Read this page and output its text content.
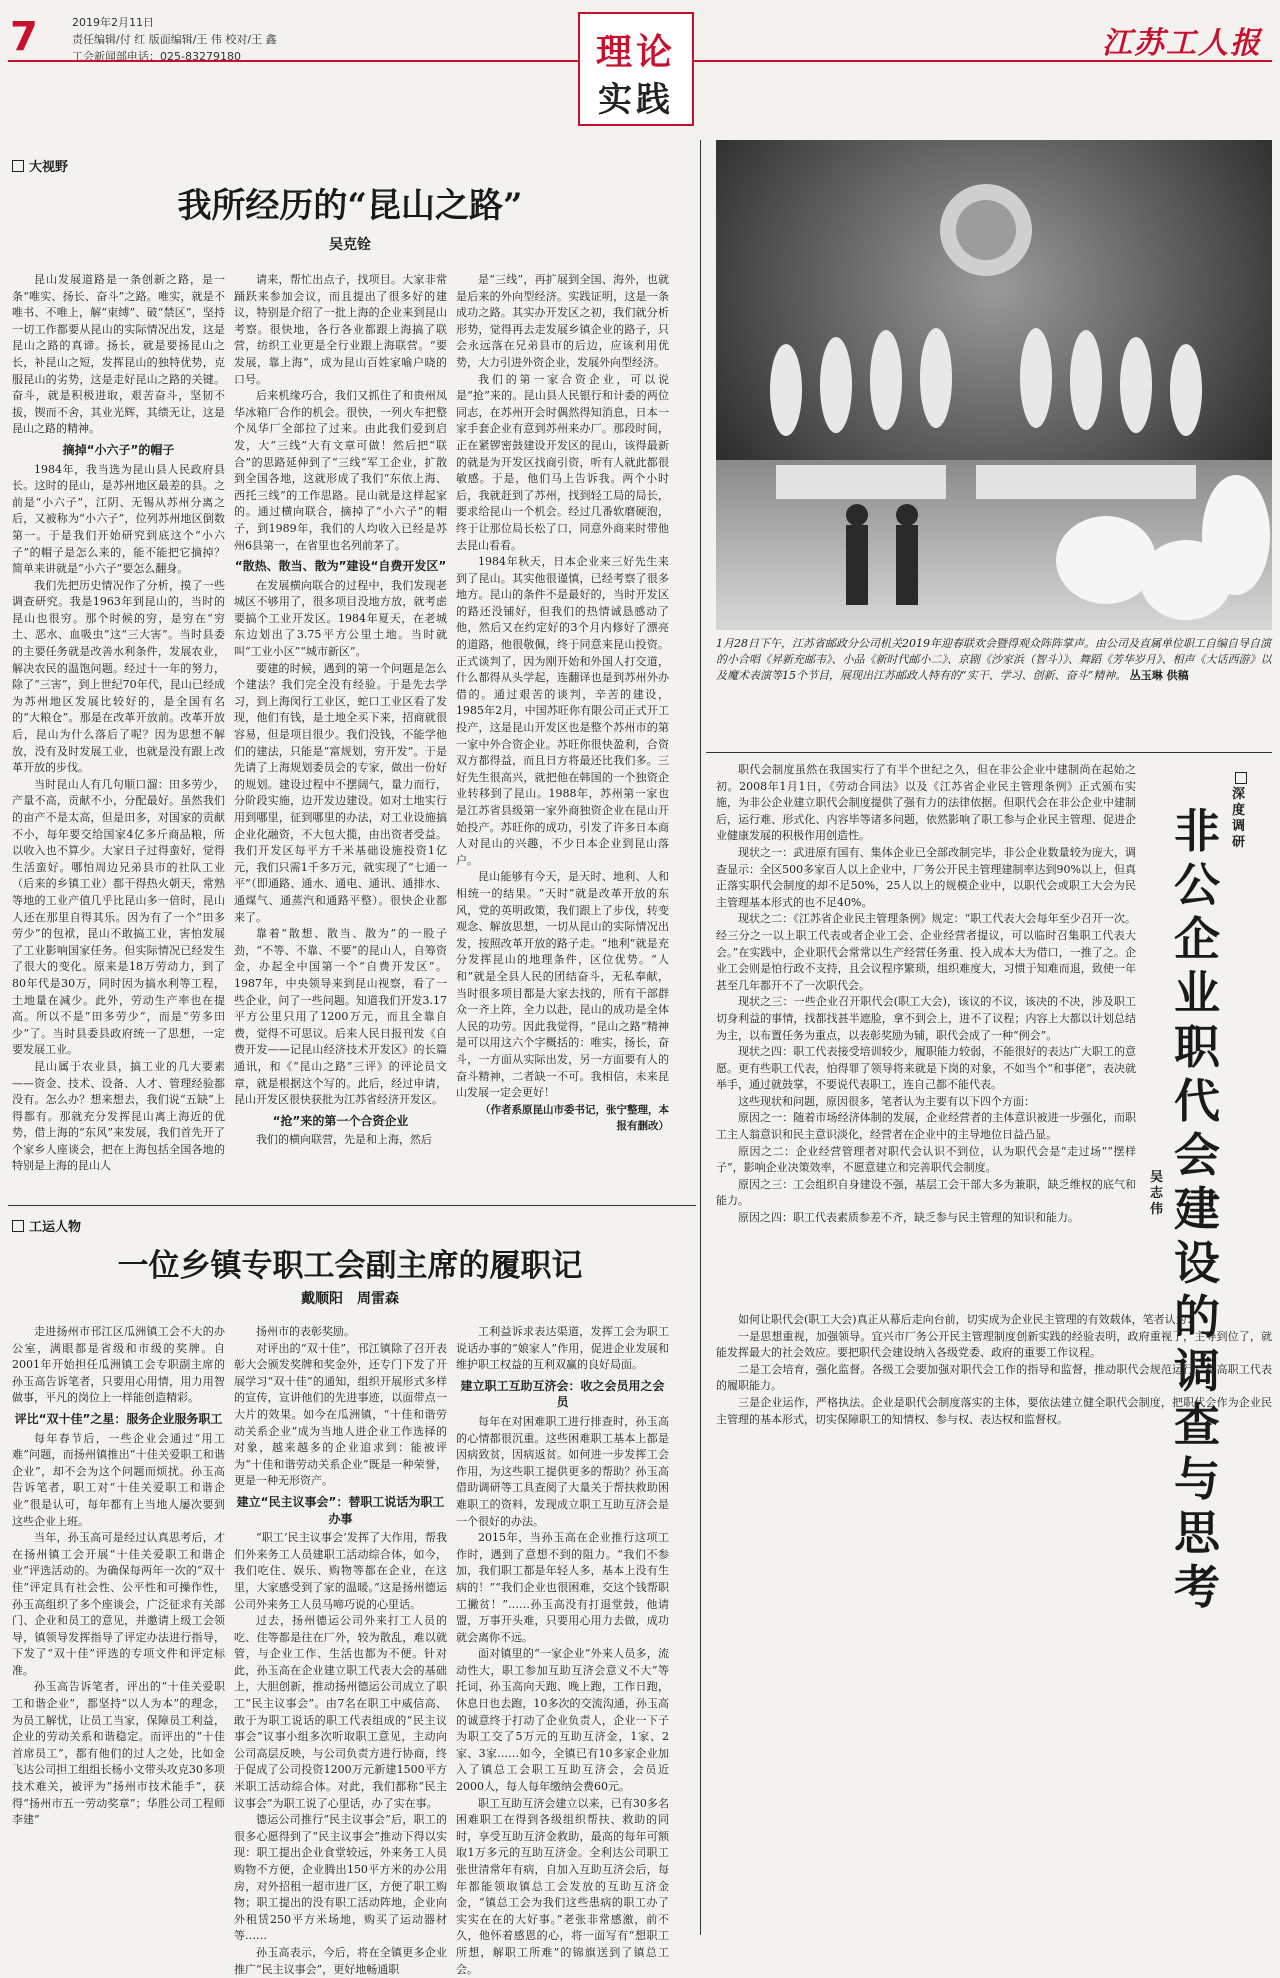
7	2019年2月11日
责任编辑/付 红 版面编辑/王 伟 校对/王 鑫
工会新闻部电话：025-83279180	理论
实践
江苏工人报
大视野
我所经历的“昆山之路”
吴克铨

昆山发展道路是一条创新之路，是一条“唯实、扬长、奋斗”之路。唯实，就是不唯书、不唯上，解“束缚”、破“禁区”，坚持一切工作都要从昆山的实际情况出发，这是昆山之路的真谛。扬长，就是要扬昆山之长，补昆山之短，发挥昆山的独特优势，克服昆山的劣势，这是走好昆山之路的关键。奋斗，就是积极进取，艰苦奋斗，坚韧不拔，锲而不舍，其业光辉，其绩无让，这是昆山之路的精神。

摘掉“小六子”的帽子

1984年，我当选为昆山县人民政府县长。这时的昆山，是苏州地区最差的县。之前是“小六子”，江阴、无锡从苏州分离之后，又被称为“小六子”，位列苏州地区倒数第一。于是我们开始研究到底这个“小六子”的帽子是怎么来的，能不能把它摘掉？简单来讲就是“小六子”要怎么翻身。

我们先把历史情况作了分析，摸了一些调查研究。我是1963年到昆山的，当时的昆山也很穷。那个时候的穷，是穷在“穷土、恶水、血吸虫”这“三大害”。当时县委的主要任务就是改善水利条件，发展农业，解决农民的温饱问题。经过十一年的努力，除了“三害”，到上世纪70年代，昆山已经成为苏州地区发展比较好的，是全国有名的“大粮仓”。那是在改革开放前。改革开放后，昆山为什么落后了呢？因为思想不解放，没有及时发展工业，也就是没有跟上改革开放的步伐。

当时昆山人有几句顺口溜：田多劳少，产量不高，贡献不小，分配最好。虽然我们的亩产不是太高，但是田多，对国家的贡献不小，每年要交给国家4亿多斤商品粮，所以收入也不算少。大家日子过得蛮好，觉得生活蛮好。哪怕周边兄弟县市的社队工业（后来的乡镇工业）都干得热火朝天，常熟等地的工业产值几乎比昆山多一倍时，昆山人还在那里自得其乐。因为有了一个“田多劳少”的包袱，昆山不敢搞工业，害怕发展了工业影响国家任务。但实际情况已经发生了很大的变化。原来是18万劳动力，到了80年代是30万，同时因为搞水利等工程，土地量在减少。此外，劳动生产率也在提高。所以不是“田多劳少”，而是“劳多田少”了。当时县委县政府统一了思想，一定要发展工业。

昆山属于农业县，搞工业的几大要素——资金、技术、设备、人才、管理经验都没有。怎么办？想来想去，我们说“五缺”上得都有。那就充分发挥昆山离上海近的优势，借上海的“东风”来发展，我们首先开了个家乡人座谈会，把在上海包括全国各地的特别是上海的昆山人

请来，帮忙出点子，找项目。大家非常踊跃来参加会议，而且提出了很多好的建议，特别是介绍了一批上海的企业来到昆山考察。很快地，各行各业都跟上海搞了联营，纺织工业更是全行业跟上海联营。“要发展，靠上海”，成为昆山百姓家喻户晓的口号。

后来机缘巧合，我们又抓住了和贵州凤华冰箱厂合作的机会。很快，一列火车把整个凤华厂全部拉了过来。由此我们爱到启发，大“三线”大有文章可做！然后把“联合”的思路延伸到了“三线”军工企业，扩散到全国各地，这就形成了我们“东依上海、西托三线”的工作思路。昆山就是这样起家的。通过横向联合，摘掉了“小六子”的帽子，到1989年，我们的人均收入已经是苏州6县第一，在省里也名列前茅了。

“散热、散当、散为”建设“自费开发区”

在发展横向联合的过程中，我们发现老城区不够用了，很多项目没地方放，就考虑要搞个工业开发区。1984年夏天，在老城东边划出了3.75平方公里土地。当时就叫“工业小区”“城市新区”。

要建的时候，遇到的第一个问题是怎么个建法？我们完全没有经验。于是先去学习，到上海闵行工业区，蛇口工业区看了发现，他们有钱，是土地全买下来，招商就很容易，但是项目很少。我们没钱，不能学他们的建法，只能是“富规划，穷开发”。于是先请了上海规划委员会的专家，做出一份好的规划。建设过程中不摆阔气，量力而行，分阶段实施，边开发边建设。如对土地实行用到哪里，征到哪里的办法，对工业设施搞企业化融资，不大包大揽，由出资者受益。我们开发区每平方千米基础设施投资1亿元，我们只需1千多万元，就实现了“七通一平”（即通路、通水、通电、通讯、通排水、通煤气、通蒸汽和通路平整）。很快企业都来了。

靠着“散想、散当、散为”的一股子劲，“不等、不靠、不要”的昆山人，自筹资金，办起全中国第一个“自费开发区”。1987年，中央领导来到昆山视察，看了一些企业，问了一些问题。知道我们开发3.17平方公里只用了1200万元，而且全靠自费，觉得不可思议。后来人民日报刊发《自费开发——记昆山经济技术开发区》的长篇通讯，和《“昆山之路”三评》的评论员文章，就是根据这个写的。此后，经过申请，昆山开发区很快获批为江苏省经济开发区。

“抢”来的第一个合资企业

我们的横向联营，先是和上海，然后

是“三线”，再扩展到全国、海外，也就是后来的外向型经济。实践证明，这是一条成功之路。其实办开发区之初，我们就分析形势，觉得再去走发展乡镇企业的路子，只会永远落在兄弟县市的后边，应该利用优势，大力引进外资企业，发展外向型经济。

我们的第一家合资企业，可以说是“抢”来的。昆山县人民银行和计委的两位同志，在苏州开会时偶然得知消息，日本一家手套企业有意到苏州来办厂。那段时间，正在紧锣密鼓建设开发区的昆山，该得最新的就是为开发区找商引资，听有人就此都很敏感。于是，他们马上告诉我。两个小时后，我就赶到了苏州，找到轻工局的局长，要求给昆山一个机会。经过几番软磨硬泡，终于让那位局长松了口，同意外商来时带他去昆山看看。

1984年秋天，日本企业来三好先生来到了昆山。其实他很谨慎，已经考察了很多地方。昆山的条件不是最好的，当时开发区的路还没铺好，但我们的热情诚恳感动了他，然后又在约定好的3个月内修好了漂亮的道路，他很敬佩，终于同意来昆山投资。正式谈判了，因为刚开始和外国人打交道，什么都得从头学起，连翻译也是到苏州外办借的。通过艰苦的谈判，辛苦的建设，1985年2月，中国苏旺你有限公司正式开工投产，这是昆山开发区也是整个苏州市的第一家中外合资企业。苏旺你很快盈利，合资双方都得益，而且日方将最还比我们多。三好先生很高兴，就把他在韩国的一个独资企业转移到了昆山。1988年，苏州第一家也是江苏省县级第一家外商独资企业在昆山开始投产。苏旺你的成功，引发了许多日本商人对昆山的兴趣，不少日本企业到昆山落户。

昆山能够有今天，是天时、地利、人和相统一的结果。“天时”就是改革开放的东风，党的英明政策，我们跟上了步伐，转变观念、解放思想，一切从昆山的实际情况出发，按照改革开放的路子走。“地利”就是充分发挥昆山的地理条件，区位优势。“人和”就是全县人民的团结奋斗，无私奉献，当时很多项目都是大家去找的，所有干部群众一齐上阵，全力以赴，昆山的成功是全体人民的功劳。因此我觉得，“昆山之路”精神是可以用这六个字概括的：唯实，扬长，奋斗，一方面从实际出发，另一方面要有人的奋斗精神，二者缺一不可。我相信，未来昆山发展一定会更好！

（作者系原昆山市委书记，张宁整理，本报有删改）

工运人物
一位乡镇专职工会副主席的履职记
戴顺阳　周雷森

走进扬州市邗江区瓜洲镇工会不大的办公室，满眼都是省级和市级的奖牌。自2001年开始担任瓜洲镇工会专职副主席的孙玉高告诉笔者，只要用心用情，用力用智做事，平凡的岗位上一样能创造精彩。

评比“双十佳”之星：服务企业服务职工

每年春节后，一些企业会通过“用工难”问题，而扬州镇推出“十佳关爱职工和谐企业”，却不会为这个问题而烦扰。孙玉高告诉笔者，职工对“十佳关爱职工和谐企业”很是认可，每年都有上当地人屡次要到这些企业上班。

当年，孙玉高可是经过认真思考后，才在扬州镇工会开展“十佳关爱职工和谐企业”评选活动的。为确保每两年一次的“双十佳”评定具有社会性、公平性和可操作性，孙玉高组织了多个座谈会，广泛征求有关部门、企业和员工的意见，并邀请上级工会领导，镇领导发挥指导了评定办法进行指导，下发了“双十佳”评选的专项文件和评定标准。

孙玉高告诉笔者，评出的“十佳关爱职工和谐企业”，都坚持“以人为本”的理念，为员工解忧，让员工当家，保障员工利益，企业的劳动关系和谐稳定。而评出的“十佳首席员工”，都有他们的过人之处，比如金飞达公司担工组组长杨小文带头攻克30多项技术难关，被评为“扬州市技术能手”，获得“扬州市五一劳动奖章”；华胜公司工程师李建”

扬州市的表彰奖励。

对评出的“双十佳”，邗江镇除了召开表彰大会颁发奖牌和奖金外，还专门下发了开展学习“双十佳”的通知，组织开展形式多样的宣传，宣讲他们的先进事迹，以面带点一大片的效果。如今在瓜洲镇，“十佳和谐劳动关系企业”成为当地人进企业工作选择的对象，越来越多的企业追求到：能被评为“十佳和谐劳动关系企业”既是一种荣誉，更是一种无形资产。

建立“民主议事会”：替职工说话为职工办事

“职工‘民主议事会’发挥了大作用，帮我们外来务工人员建职工活动综合体，如今，我们吃住、娱乐、购物等都在企业，在这里，大家感受到了家的温暖。”这是扬州德运公司外来务工人员马啼巧说的心里话。

过去，扬州德运公司外来打工人员的吃、住等都是往在厂外，较为散乱，难以就管，与企业工作、生活也都为不便。针对此，孙玉高在企业建立职工代表大会的基础上，大胆创新，推动扬州德运公司成立了职工“民主议事会”。由7名在职工中威信高、敢于为职工说话的职工代表组成的“民主议事会”议事小组多次听取职工意见，主动向公司高层反映，与公司负责方进行协商，终于促成了公司投资1200万元新建1500平方米职工活动综合体。对此，我们都称“民主议事会”为职工说了心里话，办了实在事。

德运公司推行“民主议事会”后，职工的很多心愿得到了“民主议事会”推动下得以实现：职工提出企业食堂较远，外来务工人员购物不方便，企业腾出150平方米的办公用房，对外招租一超市进厂区，方便了职工购物；职工提出的没有职工活动阵地，企业向外租赁250平方米场地，购买了运动器材等……

孙玉高表示，今后，将在全镇更多企业推广“民主议事会”，更好地畅通职

工利益诉求表达渠道，发挥工会为职工说话办事的“娘家人”作用，促进企业发展和维护职工权益的互利双赢的良好局面。

建立职工互助互济会：收之会员用之会员

每年在对困难职工进行排查时，孙玉高的心情都很沉重。这些困难职工基本上都是因病致贫，因病返贫。如何进一步发挥工会作用，为这些职工提供更多的帮助？孙玉高借助调研等工具查阅了大量关于帮扶救助困难职工的资料，发现成立职工互助互济会是一个很好的办法。

2015年，当孙玉高在企业推行这项工作时，遇到了意想不到的阻力。“我们不参加，我们职工都是年轻人多，基本上没有生病的！”“我们企业也很困难，交这个钱帮职工撇贫！”……孙玉高没有打退堂鼓，他请盟，万事开头难，只要用心用力去做，成功就会离你不远。

面对镇里的“一家企业”外来人员多，流动性大，职工参加互助互济会意义不大”等托词，孙玉高向天跑、晚上跑，工作日跑，休息日也去跑，10多次的交流沟通，孙玉高的诚意终于打动了企业负责人，企业一下子为职工交了5万元的互助互济金，1家、2家、3家……如今，全镇已有10多家企业加入了镇总工会职工互助互济会，会员近2000人，每人每年缴纳会费60元。

职工互助互济会建立以来，已有30多名困难职工在得到各级组织帮扶、救助的同时，享受互助互济金救助，最高的每年可额取1万多元的互助互济金。全利达公司职工张世清常年有病，自加入互助互济会后，每年都能领取镇总工会发放的互助互济金金，“镇总工会为我们这些患病的职工办了实实在在的大好事。”老张非常感激，前不久，他怀着感恩的心，将一面写有“想职工所想，解职工所难”的锦旗送到了镇总工会。

1月28日下午，江苏省邮政分公司机关2019年迎春联欢会暨得观众阵阵掌声。由公司及直属单位职工自编自导自演的小合唱《昇新充邮韦》、小品《新时代邮小二》、京剧《沙家浜（智斗）》、舞蹈《芳华岁月》、相声《大话西游》以及魔术表演等15个节目，展现出江苏邮政人特有的“实干、学习、创新、奋斗”精神。 丛玉琳 供稿
深度调研
非公企业职代会建设的调查与思考
吴志伟

职代会制度虽然在我国实行了有半个世纪之久，但在非公企业中建制尚在起始之初。2008年1月1日，《劳动合同法》以及《江苏省企业民主管理条例》正式颁布实施，为非公企业建立职代会制度提供了强有力的法律依据。但职代会在非公企业中建制后，运行难、形式化、内容毕等诸多问题，依然影响了职工参与企业民主管理、促进企业健康发展的积极作用创造性。

现状之一：武进原有国有、集体企业已全部改制完毕，非公企业数量较为庞大，调查显示：全区500多家百人以上企业中，厂务公开民主管理建制率达到90%以上，但真正落实职代会制度的却不足50%，25人以上的规模企业中，以职代会或职工大会为民主管理基本形式的也不足40%。

现状之二：《江苏省企业民主管理条例》规定：“职工代表大会每年至少召开一次。经三分之一以上职工代表或者企业工会、企业经营者提议，可以临时召集职工代表大会。”在实践中，企业职代会常常以生产经营任务重、投入成本大为借口，一推了之。企业工会则是怕行政不支持，且会议程序繁琐，组织难度大，习惯于知难而退，致使一年甚至几年都开不了一次职代会。

现状之三：一些企业召开职代会(职工大会)，该议的不议，该决的不决，涉及职工切身利益的事情，找都找甚半遮脸，拿不到会上，进不了议程；内容上大都以计划总结为主，以布置任务为重点，以表彰奖励为辅，职代会成了一种“例会”。

现状之四：职工代表接受培训较少，履职能力较弱，不能很好的表达广大职工的意愿。更有些职工代表，怕得罪了领导将来就是下岗的对象，不如当个“和事佬”，表决就举手，通过就鼓掌，不要说代表职工，连自己都不能代表。

这些现状和问题，原因很多，笔者认为主要有以下四个方面：

原因之一：随着市场经济体制的发展，企业经营者的主体意识被进一步强化，而职工主人翁意识和民主意识淡化，经营者在企业中的主导地位日益凸显。

原因之二：企业经营管理者对职代会认识不到位，认为职代会是“走过场”“摆样子”，影响企业决策效率，不愿意建立和完善职代会制度。

原因之三：工会组织自身建设不强，基层工会干部大多为兼职，缺乏维权的底气和能力。

原因之四：职工代表素质参差不齐，缺乏参与民主管理的知识和能力。

如何让职代会(职工大会)真正从幕后走向台前，切实成为企业民主管理的有效载体，笔者认为：

一是思想重视，加强领导。宜兴市厂务公开民主管理制度创新实践的经验表明，政府重视了，主导到位了，就能发挥最大的社会效应。要把职代会建设纳入各级党委、政府的重要工作议程。

二是工会培育，强化监督。各级工会要加强对职代会工作的指导和监督，推动职代会规范运行，提高职工代表的履职能力。

三是企业运作，严格执法。企业是职代会制度落实的主体，要依法建立健全职代会制度，把职代会作为企业民主管理的基本形式，切实保障职工的知情权、参与权、表达权和监督权。
